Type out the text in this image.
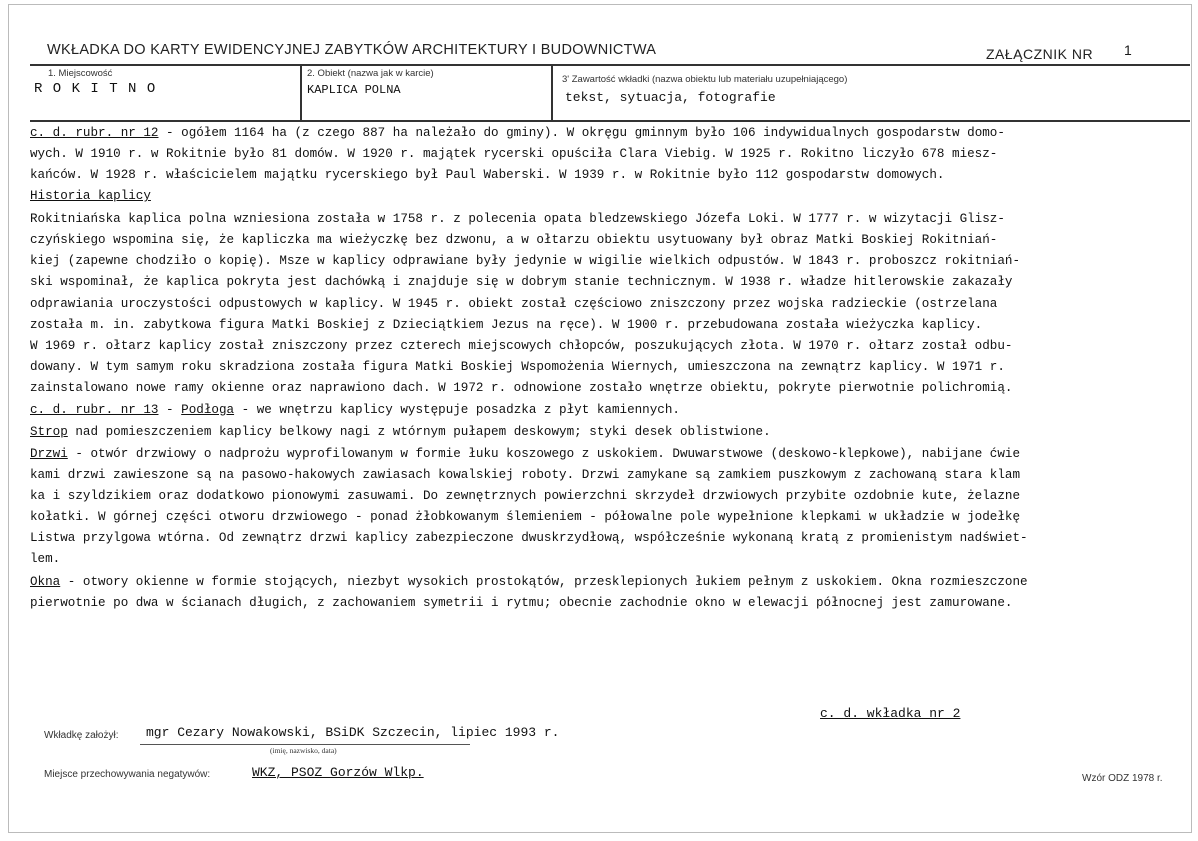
WKŁADKA DO KARTY EWIDENCYJNEJ ZABYTKÓW ARCHITEKTURY I BUDOWNICTWA	ZAŁĄCZNIK NR 1
1. Miejscowość
R O K I T N O
2. Obiekt (nazwa jak w karcie)
KAPLICA POLNA
3' Zawartość wkładki (nazwa obiektu lub materiału uzupełniającego)
tekst, sytuacja, fotografie
c. d. rubr. nr 12 - ogółem 1164 ha (z czego 887 ha należało do gminy). W okręgu gminnym było 106 indywidualnych gospodarstw domo-
wych. W 1910 r. w Rokitnie było 81 domów. W 1920 r. majątek rycerski opuściła Clara Viebig. W 1925 r. Rokitno liczyło 678 miesz-
kańców. W 1928 r. właścicielem majątku rycerskiego był Paul Waberski. W 1939 r. w Rokitnie było 112 gospodarstw domowych.
Historia kaplicy
Rokitniańska kaplica polna wzniesiona została w 1758 r. z polecenia opata bledzewskiego Józefa Loki. W 1777 r. w wizytacji Glisz-
czyńskiego wspomina się, że kapliczka ma wieżyczkę bez dzwonu, a w ołtarzu obiektu usytuowany był obraz Matki Boskiej Rokitniań-
kiej (zapewne chodziło o kopię). Msze w kaplicy odprawiane były jedynie w wigilie wielkich odpustów. W 1843 r. proboszcz rokitniań-
ski wspominał, że kaplica pokryta jest dachówką i znajduje się w dobrym stanie technicznym. W 1938 r. władze hitlerowskie zakazały
odprawiania uroczystości odpustowych w kaplicy. W 1945 r. obiekt został częściowo zniszczony przez wojska radzieckie (ostrzelana
została m. in. zabytkowa figura Matki Boskiej z Dzieciątkiem Jezus na ręce). W 1900 r. przebudowana została wieżyczka kaplicy.
W 1969 r. ołtarz kaplicy został zniszczony przez czterech miejscowych chłopców, poszukujących złota. W 1970 r. ołtarz został odbu-
dowany. W tym samym roku skradziona została figura Matki Boskiej Wspomożenia Wiernych, umieszczona na zewnątrz kaplicy. W 1971 r.
zainstalowano nowe ramy okienne oraz naprawiono dach. W 1972 r. odnowione zostało wnętrze obiektu, pokryte pierwotnie polichromią.
c. d. rubr. nr 13 - Podłoga - we wnętrzu kaplicy występuje posadzka z płyt kamiennych.
Strop nad pomieszczeniem kaplicy belkowy nagi z wtórnym pułapem deskowym; styki desek oblistwione.
Drzwi - otwór drzwiowy o nadprożu wyprofilowanym w formie łuku koszowego z uskokiem. Dwuwarstwowe (deskowo-klepkowe), nabijane ćwie
kami drzwi zawieszone są na pasowo-hakowych zawiasach kowalskiej roboty. Drzwi zamykane są zamkiem puszkowym z zachowaną stara klam
ka i szyldzikiem oraz dodatkowo pionowymi zasuwami. Do zewnętrznych powierzchni skrzydeł drzwiowych przybite ozdobnie kute, żelazne
kołatki. W górnej części otworu drzwiowego - ponad żłobkowanym ślemieniem - półowalne pole wypełnione klepkami w układzie w jodełkę
Listwa przylgowa wtórna. Od zewnątrz drzwi kaplicy zabezpieczone dwuskrzydłową, współcześnie wykonaną kratą z promienistym nadświet-
lem.
Okna - otwory okienne w formie stojących, niezbyt wysokich prostokątów, przesklepionych łukiem pełnym z uskokiem. Okna rozmieszczone
pierwotnie po dwa w ścianach długich, z zachowaniem symetrii i rytmu; obecnie zachodnie okno w elewacji północnej jest zamurowane.
c. d. wkładka nr 2
Wkładkę założył: mgr Cezary Nowakowski, BSiDK Szczecin, lipiec 1993 r.
(imię, nazwisko, data)
Miejsce przechowywania negatywów:	WKZ, PSOZ Gorzów Wlkp.	Wzór ODZ 1978 r.
